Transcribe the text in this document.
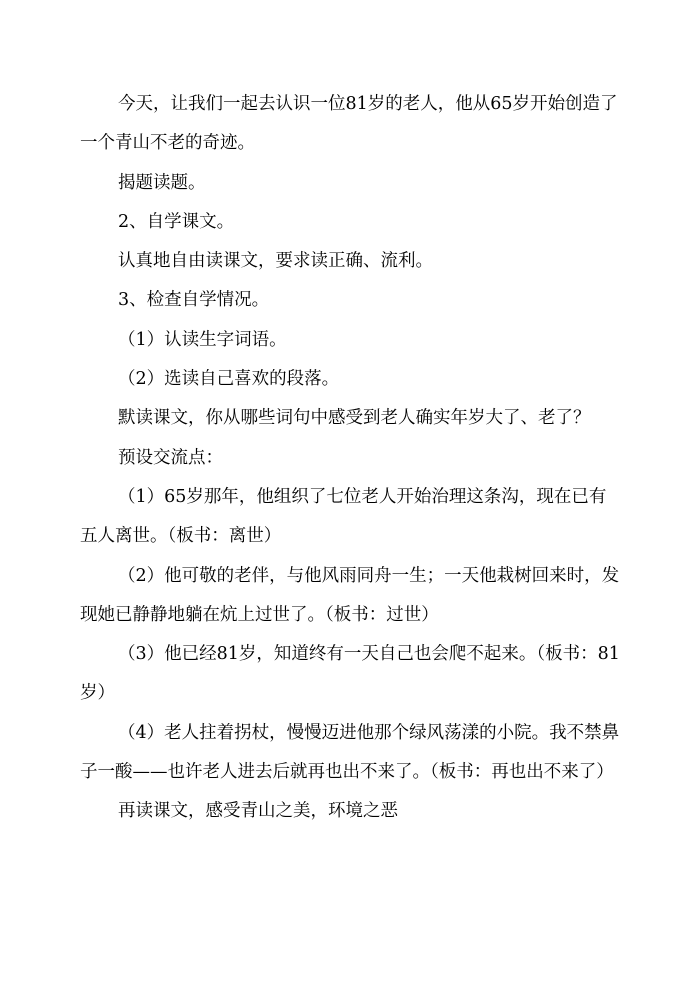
今天，让我们一起去认识一位81岁的老人，他从65岁开始创造了一个青山不老的奇迹。

揭题读题。

2、自学课文。

认真地自由读课文，要求读正确、流利。

3、检查自学情况。

（1）认读生字词语。

（2）选读自己喜欢的段落。

默读课文，你从哪些词句中感受到老人确实年岁大了、老了？

预设交流点：

（1）65岁那年，他组织了七位老人开始治理这条沟，现在已有五人离世。（板书：离世）

（2）他可敬的老伴，与他风雨同舟一生；一天他栽树回来时，发现她已静静地躺在炕上过世了。（板书：过世）

（3）他已经81岁，知道终有一天自己也会爬不起来。（板书：81岁）

（4）老人拄着拐杖，慢慢迈进他那个绿风荡漾的小院。我不禁鼻子一酸——也许老人进去后就再也出不来了。（板书：再也出不来了）

再读课文，感受青山之美，环境之恶
